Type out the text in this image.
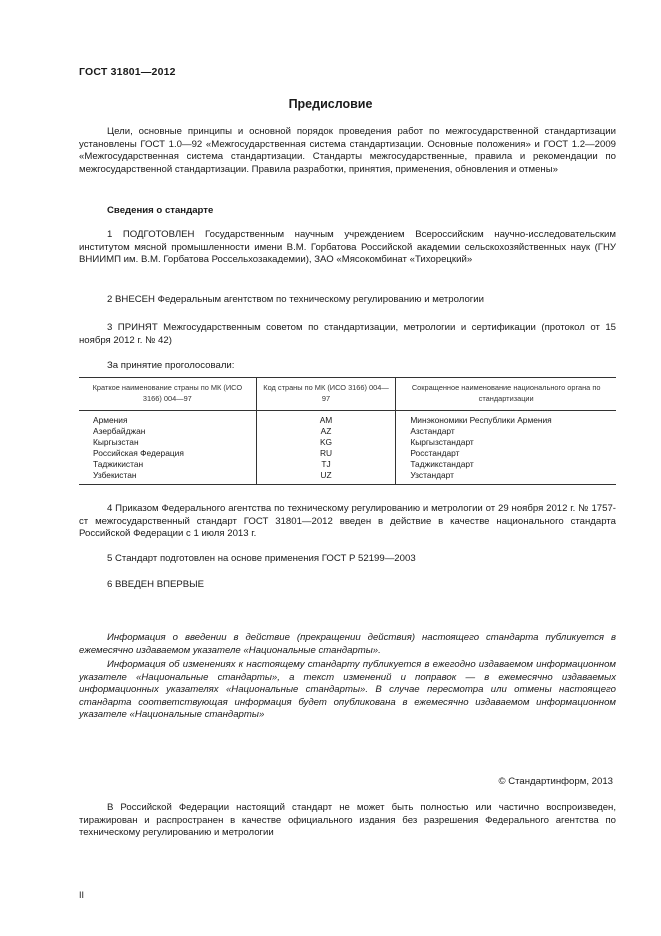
ГОСТ 31801—2012
Предисловие
Цели, основные принципы и основной порядок проведения работ по межгосударственной стандартизации установлены ГОСТ 1.0—92 «Межгосударственная система стандартизации. Основные положения» и ГОСТ 1.2—2009 «Межгосударственная система стандартизации. Стандарты межгосударственные, правила и рекомендации по межгосударственной стандартизации. Правила разработки, принятия, применения, обновления и отмены»
Сведения о стандарте
1 ПОДГОТОВЛЕН Государственным научным учреждением Всероссийским научно-исследовательским институтом мясной промышленности имени В.М. Горбатова Российской академии сельскохозяйственных наук (ГНУ ВНИИМП им. В.М. Горбатова Россельхозакадемии), ЗАО «Мясокомбинат «Тихорецкий»
2 ВНЕСЕН Федеральным агентством по техническому регулированию и метрологии
3 ПРИНЯТ Межгосударственным советом по стандартизации, метрологии и сертификации (протокол от 15 ноября 2012 г. № 42)
За принятие проголосовали:
Краткое наименование страны по МК (ИСО 3166) 004—97	Код страны по МК (ИСО 3166) 004—97	Сокращенное наименование национального органа по стандартизации
Армения	AM	Минэкономики Республики Армения
Азербайджан	AZ	Азстандарт
Кыргызстан	KG	Кыргызстандарт
Российская Федерация	RU	Росстандарт
Таджикистан	TJ	Таджикстандарт
Узбекистан	UZ	Узстандарт
4 Приказом Федерального агентства по техническому регулированию и метрологии от 29 ноября 2012 г. № 1757-ст межгосударственный стандарт ГОСТ 31801—2012 введен в действие в качестве национального стандарта Российской Федерации с 1 июля 2013 г.
5 Стандарт подготовлен на основе применения ГОСТ Р 52199—2003
6 ВВЕДЕН ВПЕРВЫЕ
Информация о введении в действие (прекращении действия) настоящего стандарта публикуется в ежемесячно издаваемом указателе «Национальные стандарты».
Информация об изменениях к настоящему стандарту публикуется в ежегодно издаваемом информационном указателе «Национальные стандарты», а текст изменений и поправок — в ежемесячно издаваемых информационных указателях «Национальные стандарты». В случае пересмотра или отмены настоящего стандарта соответствующая информация будет опубликована в ежемесячно издаваемом информационном указателе «Национальные стандарты»
© Стандартинформ, 2013
В Российской Федерации настоящий стандарт не может быть полностью или частично воспроизведен, тиражирован и распространен в качестве официального издания без разрешения Федерального агентства по техническому регулированию и метрологии
II
